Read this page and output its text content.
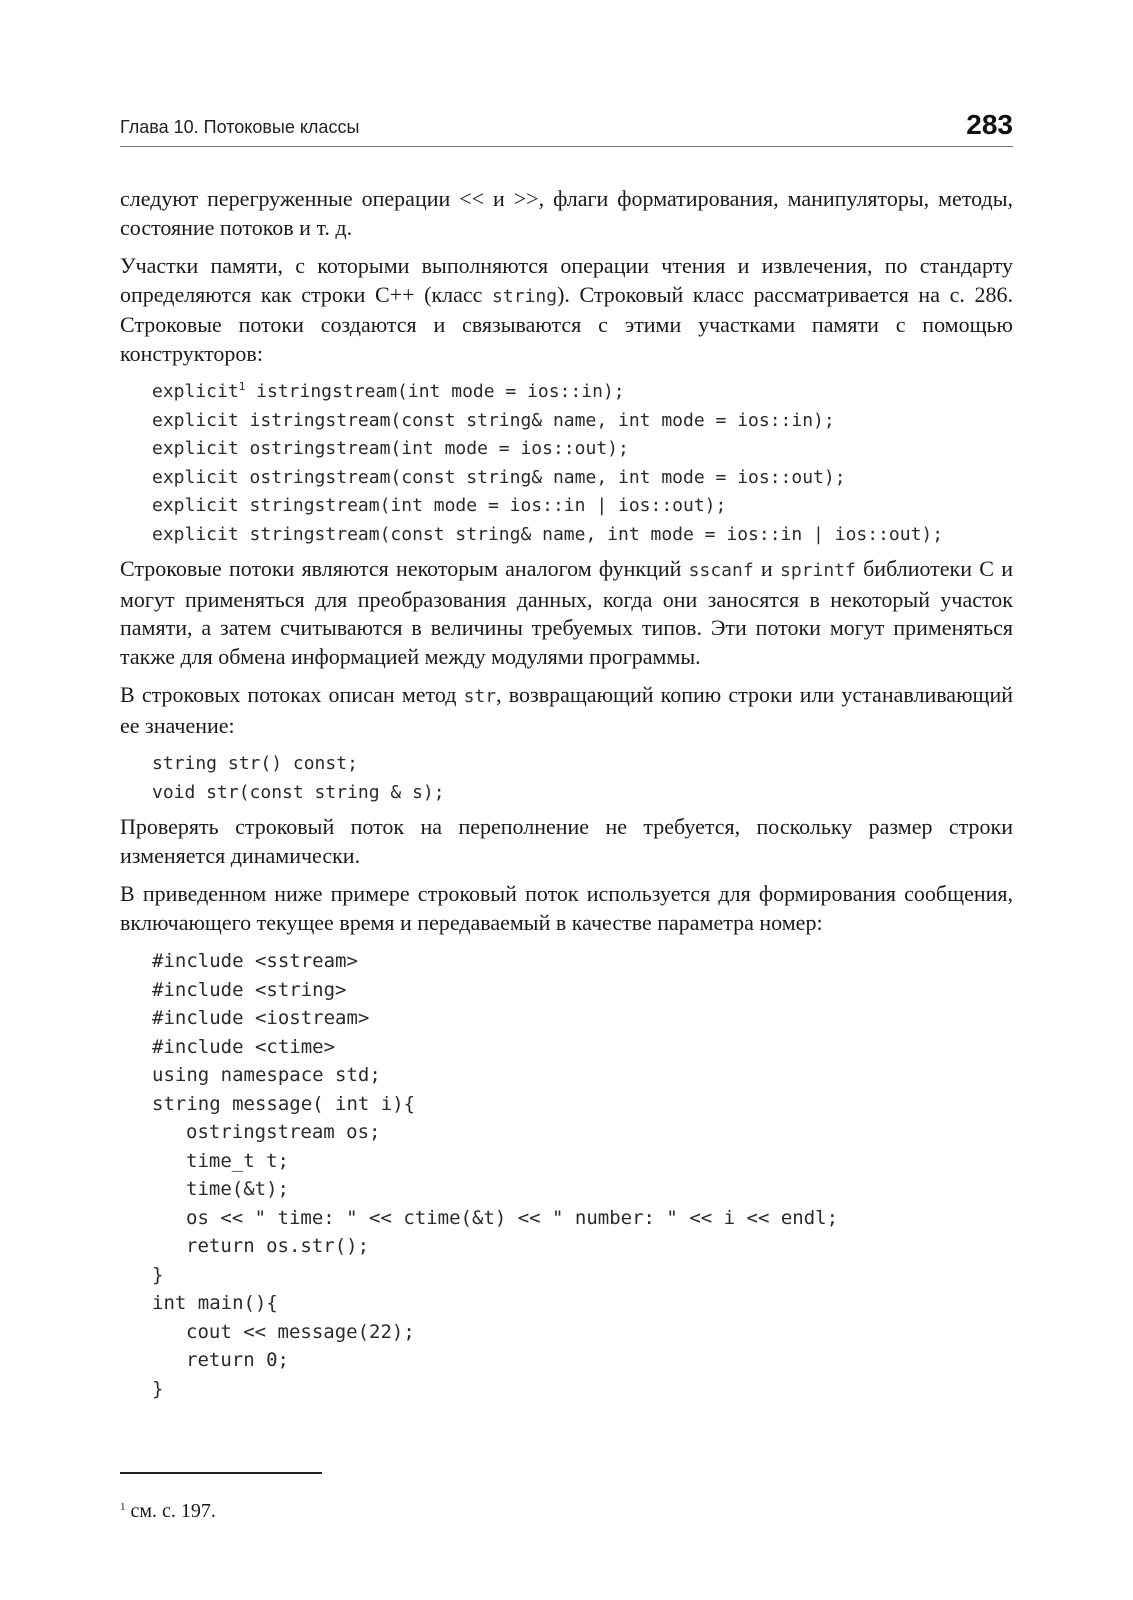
Глава 10. Потоковые классы	283

следуют перегруженные операции << и >>, флаги форматирования, манипуляторы, методы, состояние потоков и т. д.

Участки памяти, с которыми выполняются операции чтения и извлечения, по стандарту определяются как строки C++ (класс string). Строковый класс рассматривается на с. 286. Строковые потоки создаются и связываются с этими участками памяти с помощью конструкторов:

explicit$^1$ istringstream(int mode = ios::in);
explicit istringstream(const string& name, int mode = ios::in);
explicit ostringstream(int mode = ios::out);
explicit ostringstream(const string& name, int mode = ios::out);
explicit stringstream(int mode = ios::in | ios::out);
explicit stringstream(const string& name, int mode = ios::in | ios::out);

Строковые потоки являются некоторым аналогом функций sscanf и sprintf библиотеки C и могут применяться для преобразования данных, когда они заносятся в некоторый участок памяти, а затем считываются в величины требуемых типов. Эти потоки могут применяться также для обмена информацией между модулями программы.

В строковых потоках описан метод str, возвращающий копию строки или устанавливающий ее значение:

string str() const;
void str(const string & s);

Проверять строковый поток на переполнение не требуется, поскольку размер строки изменяется динамически.

В приведенном ниже примере строковый поток используется для формирования сообщения, включающего текущее время и передаваемый в качестве параметра номер:

#include <sstream>
#include <string>
#include <iostream>
#include <ctime>
using namespace std;
string message( int i){
ostringstream os;
time_t t;
time(&t);
os << " time: " << ctime(&t) << " number: " << i << endl;
return os.str();
}
int main(){
cout << message(22);
return 0;
}
$^1$ см. с. 197.
